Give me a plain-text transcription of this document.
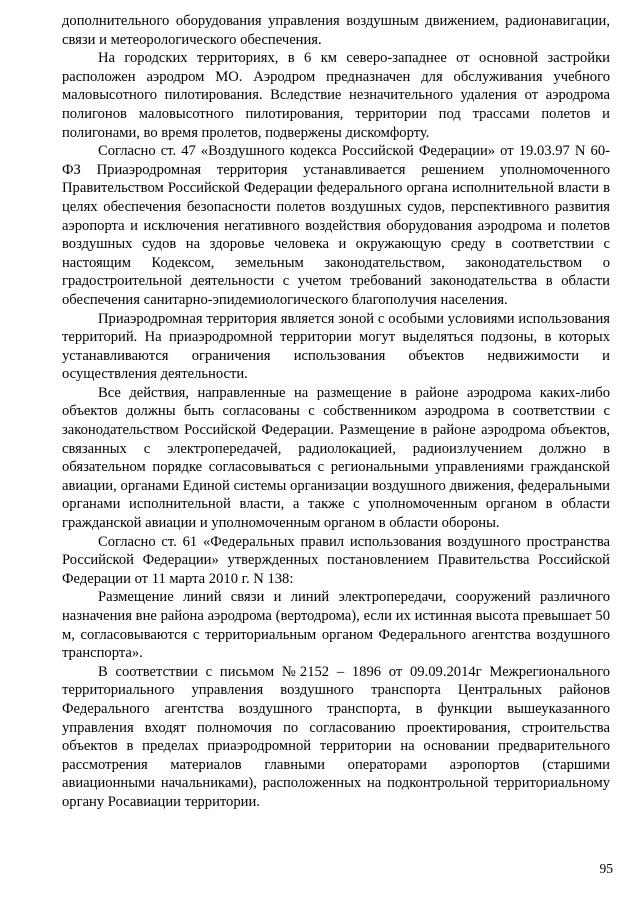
дополнительного оборудования управления воздушным движением, радионавигации, связи и метеорологического обеспечения.

На городских территориях, в 6 км северо-западнее от основной застройки расположен аэродром МО. Аэродром предназначен для обслуживания учебного маловысотного пилотирования. Вследствие незначительного удаления от аэродрома полигонов маловысотного пилотирования, территории под трассами полетов и полигонами, во время пролетов, подвержены дискомфорту.

Согласно ст. 47 «Воздушного кодекса Российской Федерации» от 19.03.97 N 60-ФЗ Приаэродромная территория устанавливается решением уполномоченного Правительством Российской Федерации федерального органа исполнительной власти в целях обеспечения безопасности полетов воздушных судов, перспективного развития аэропорта и исключения негативного воздействия оборудования аэродрома и полетов воздушных судов на здоровье человека и окружающую среду в соответствии с настоящим Кодексом, земельным законодательством, законодательством о градостроительной деятельности с учетом требований законодательства в области обеспечения санитарно-эпидемиологического благополучия населения.

Приаэродромная территория является зоной с особыми условиями использования территорий. На приаэродромной территории могут выделяться подзоны, в которых устанавливаются ограничения использования объектов недвижимости и осуществления деятельности.

Все действия, направленные на размещение в районе аэродрома каких-либо объектов должны быть согласованы с собственником аэродрома в соответствии с законодательством Российской Федерации. Размещение в районе аэродрома объектов, связанных с электропередачей, радиолокацией, радиоизлучением должно в обязательном порядке согласовываться с региональными управлениями гражданской авиации, органами Единой системы организации воздушного движения, федеральными органами исполнительной власти, а также с уполномоченным органом в области гражданской авиации и уполномоченным органом в области обороны.

Согласно ст. 61 «Федеральных правил использования воздушного пространства Российской Федерации» утвержденных постановлением Правительства Российской Федерации от 11 марта 2010 г. N 138:

Размещение линий связи и линий электропередачи, сооружений различного назначения вне района аэродрома (вертодрома), если их истинная высота превышает 50 м, согласовываются с территориальным органом Федерального агентства воздушного транспорта».

В соответствии с письмом №2152 – 1896 от 09.09.2014г Межрегионального территориального управления воздушного транспорта Центральных районов Федерального агентства воздушного транспорта, в функции вышеуказанного управления входят полномочия по согласованию проектирования, строительства объектов в пределах приаэродромной территории на основании предварительного рассмотрения материалов главными операторами аэропортов (старшими авиационными начальниками), расположенных на подконтрольной территориальному органу Росавиации территории.

95
